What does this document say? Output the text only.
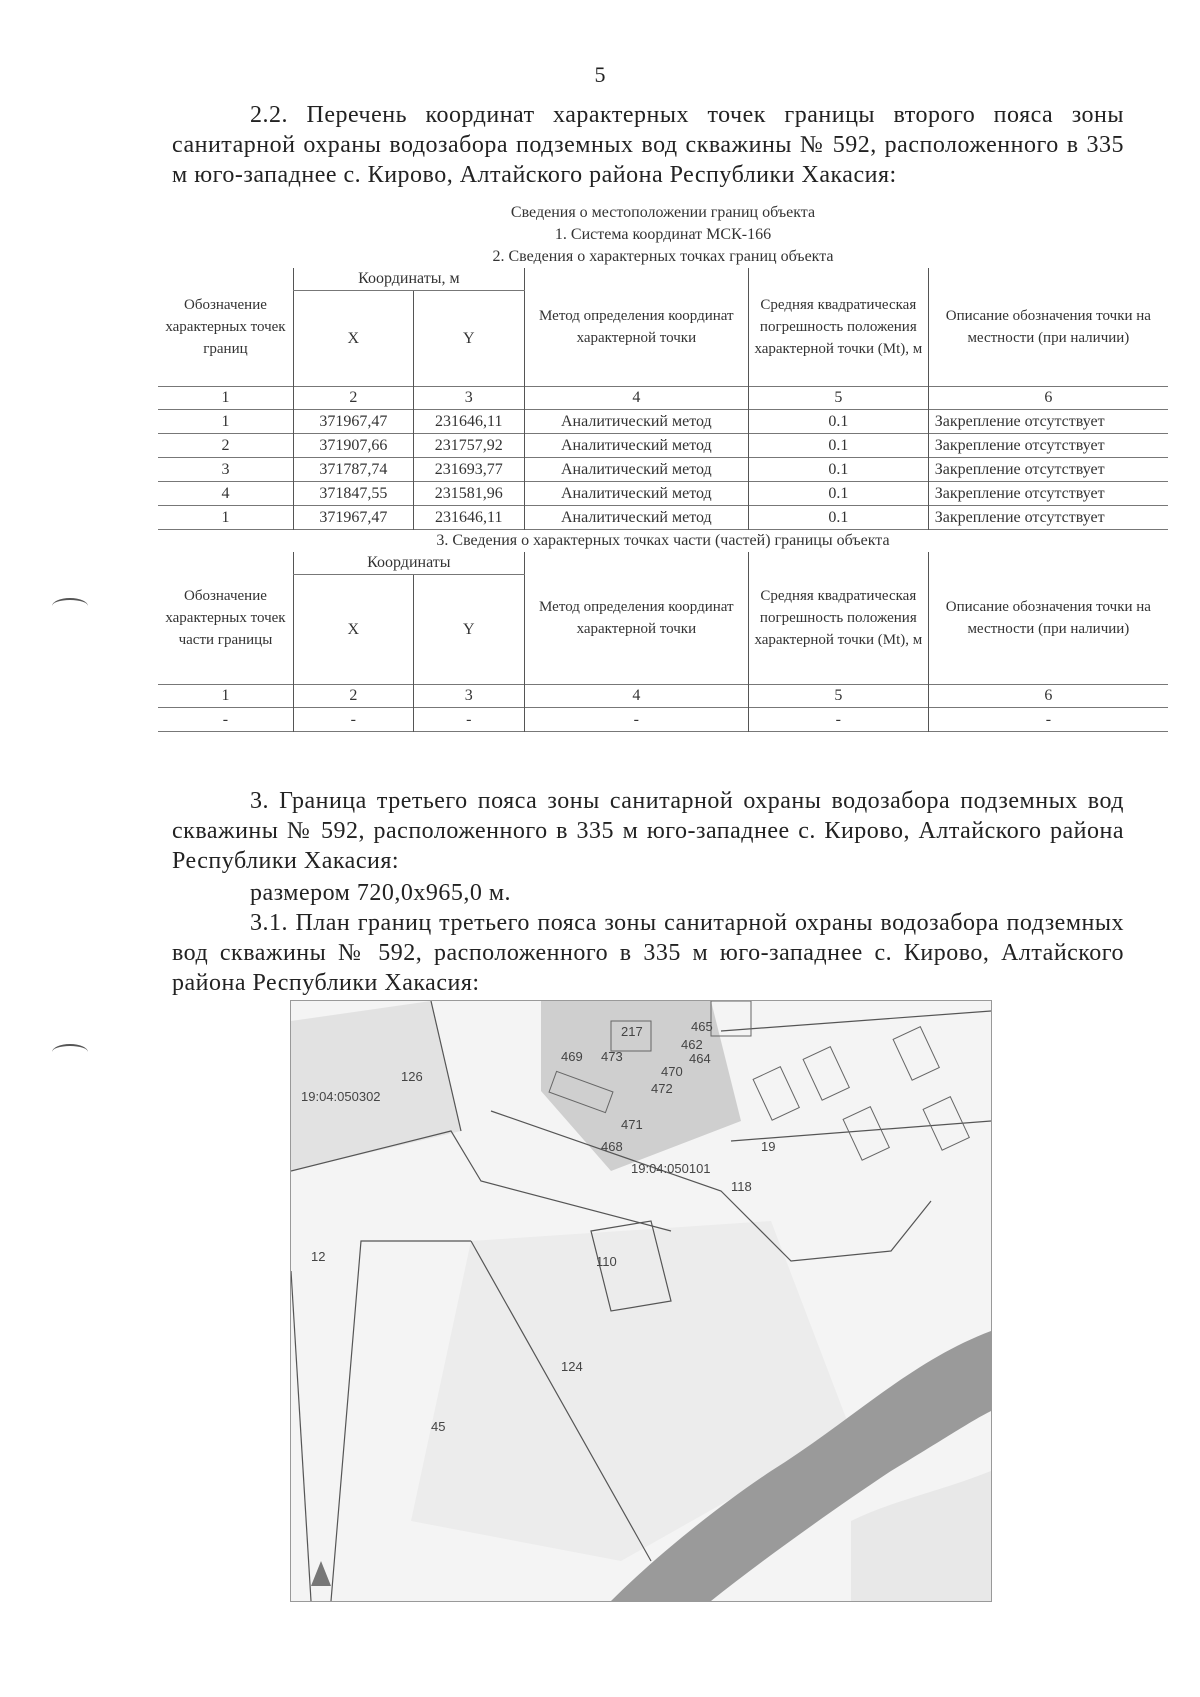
5
2.2. Перечень координат характерных точек границы второго пояса зоны санитарной охраны водозабора подземных вод скважины № 592, расположенного в 335 м юго-западнее с. Кирово, Алтайского района Республики Хакасия:
Сведения о местоположении границ объекта					
1. Система координат МСК-166					
2. Сведения о характерных точках границ объекта					
Обозначение характерных точек границ	Координаты, м		Метод определения координат характерной точки	Средняя квадратическая погрешность положения характерной точки (Mt), м	Описание обозначения точки на местности (при наличии)
	X	Y			
1	2	3	4	5	6
1	371967,47	231646,11	Аналитический метод	0.1	Закрепление отсутствует
2	371907,66	231757,92	Аналитический метод	0.1	Закрепление отсутствует
3	371787,74	231693,77	Аналитический метод	0.1	Закрепление отсутствует
4	371847,55	231581,96	Аналитический метод	0.1	Закрепление отсутствует
1	371967,47	231646,11	Аналитический метод	0.1	Закрепление отсутствует
3. Сведения о характерных точках части (частей) границы объекта					
Обозначение характерных точек части границы	Координаты		Метод определения координат характерной точки	Средняя квадратическая погрешность положения характерной точки (Mt), м	Описание обозначения точки на местности (при наличии)
	X	Y			
1	2	3	4	5	6
-	-	-	-	-	-
3. Граница третьего пояса зоны санитарной охраны водозабора подземных вод скважины № 592, расположенного в 335 м юго-западнее с. Кирово, Алтайского района Республики Хакасия:
размером 720,0х965,0 м.
3.1. План границ третьего пояса зоны санитарной охраны водозабора подземных вод скважины № 592, расположенного в 335 м юго-западнее с. Кирово, Алтайского района Республики Хакасия:
19:04:050302
126
217
469 473
465
462
464
470
472
471
468
19:04:050101
19
118
110
12
124
45
